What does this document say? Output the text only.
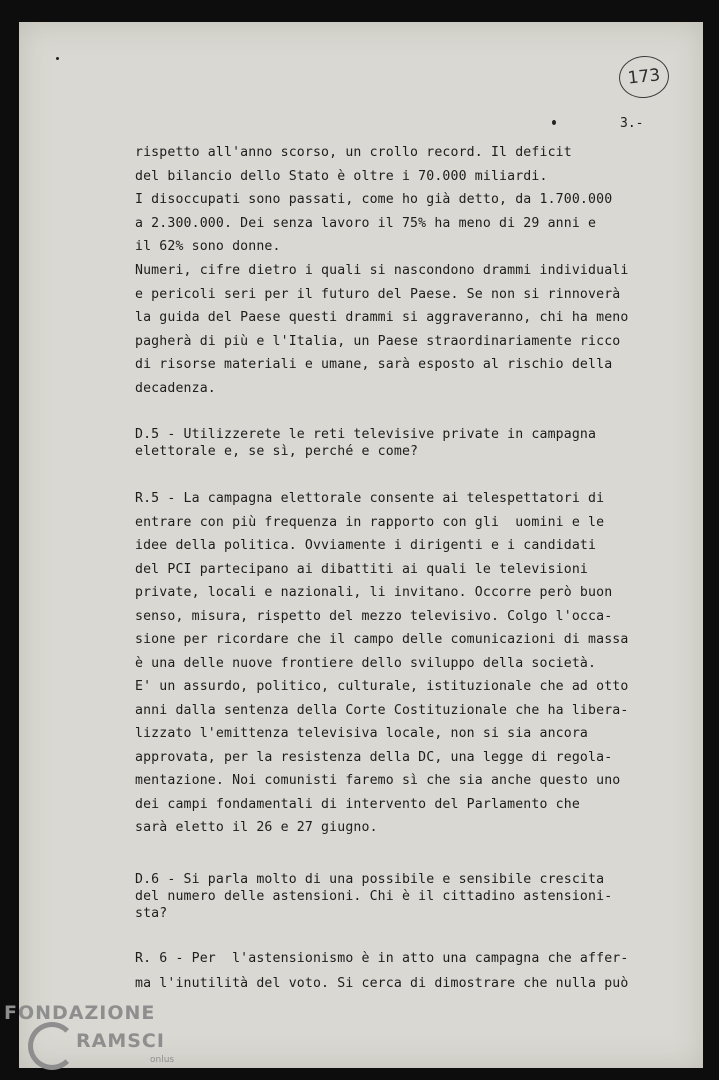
173
3.-
rispetto all'anno scorso, un crollo record. Il deficit
del bilancio dello Stato è oltre i 70.000 miliardi.
I disoccupati sono passati, come ho già detto, da 1.700.000
a 2.300.000. Dei senza lavoro il 75% ha meno di 29 anni e
il 62% sono donne.
Numeri, cifre dietro i quali si nascondono drammi individuali
e pericoli seri per il futuro del Paese. Se non si rinnoverà
la guida del Paese questi drammi si aggraveranno, chi ha meno
pagherà di più e l'Italia, un Paese straordinariamente ricco
di risorse materiali e umane, sarà esposto al rischio della
decadenza.
D.5 - Utilizzerete le reti televisive private in campagna
elettorale e, se sì, perché e come?
R.5 - La campagna elettorale consente ai telespettatori di
entrare con più frequenza in rapporto con gli  uomini e le
idee della politica. Ovviamente i dirigenti e i candidati
del PCI partecipano ai dibattiti ai quali le televisioni
private, locali e nazionali, li invitano. Occorre però buon
senso, misura, rispetto del mezzo televisivo. Colgo l'occa-
sione per ricordare che il campo delle comunicazioni di massa
è una delle nuove frontiere dello sviluppo della società.
E' un assurdo, politico, culturale, istituzionale che ad otto
anni dalla sentenza della Corte Costituzionale che ha libera-
lizzato l'emittenza televisiva locale, non si sia ancora
approvata, per la resistenza della DC, una legge di regola-
mentazione. Noi comunisti faremo sì che sia anche questo uno
dei campi fondamentali di intervento del Parlamento che
sarà eletto il 26 e 27 giugno.
D.6 - Si parla molto di una possibile e sensibile crescita
del numero delle astensioni. Chi è il cittadino astensioni-
sta?
R. 6 - Per  l'astensionismo è in atto una campagna che affer-
ma l'inutilità del voto. Si cerca di dimostrare che nulla può
FONDAZIONE
RAMSCI
onlus
